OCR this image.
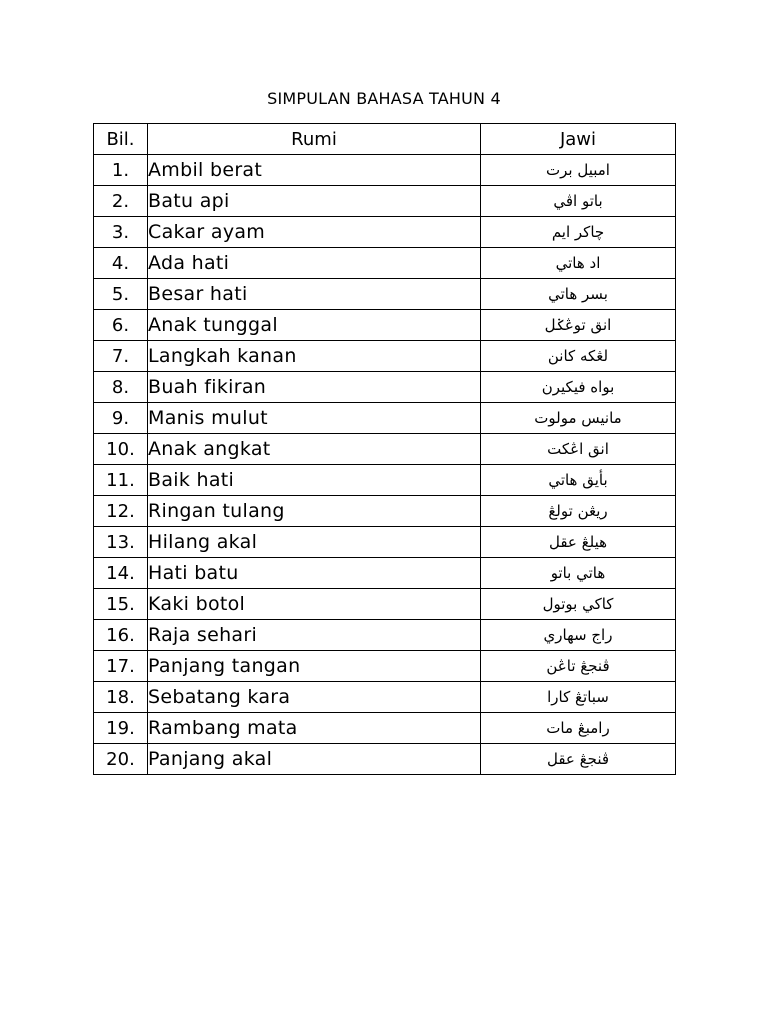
SIMPULAN BAHASA TAHUN 4
Bil.	Rumi	Jawi
1.	Ambil berat	امبيل برت
2.	Batu api	باتو اڤي
3.	Cakar ayam	چاکر ايم
4.	Ada hati	اد هاتي
5.	Besar hati	بسر هاتي
6.	Anak tunggal	انق توڠݢل
7.	Langkah kanan	لڠکه کانن
8.	Buah fikiran	بواه فيکيرن
9.	Manis mulut	مانيس مولوت
10.	Anak angkat	انق اڠکت
11.	Baik hati	بأيق هاتي
12.	Ringan tulang	ريڠن تولڠ
13.	Hilang akal	هيلڠ عقل
14.	Hati batu	هاتي باتو
15.	Kaki botol	کاکي بوتول
16.	Raja sehari	راج سهاري
17.	Panjang tangan	ڤنجڠ تاڠن
18.	Sebatang kara	سباتڠ کارا
19.	Rambang mata	رامبڠ مات
20.	Panjang akal	ڤنجڠ عقل
